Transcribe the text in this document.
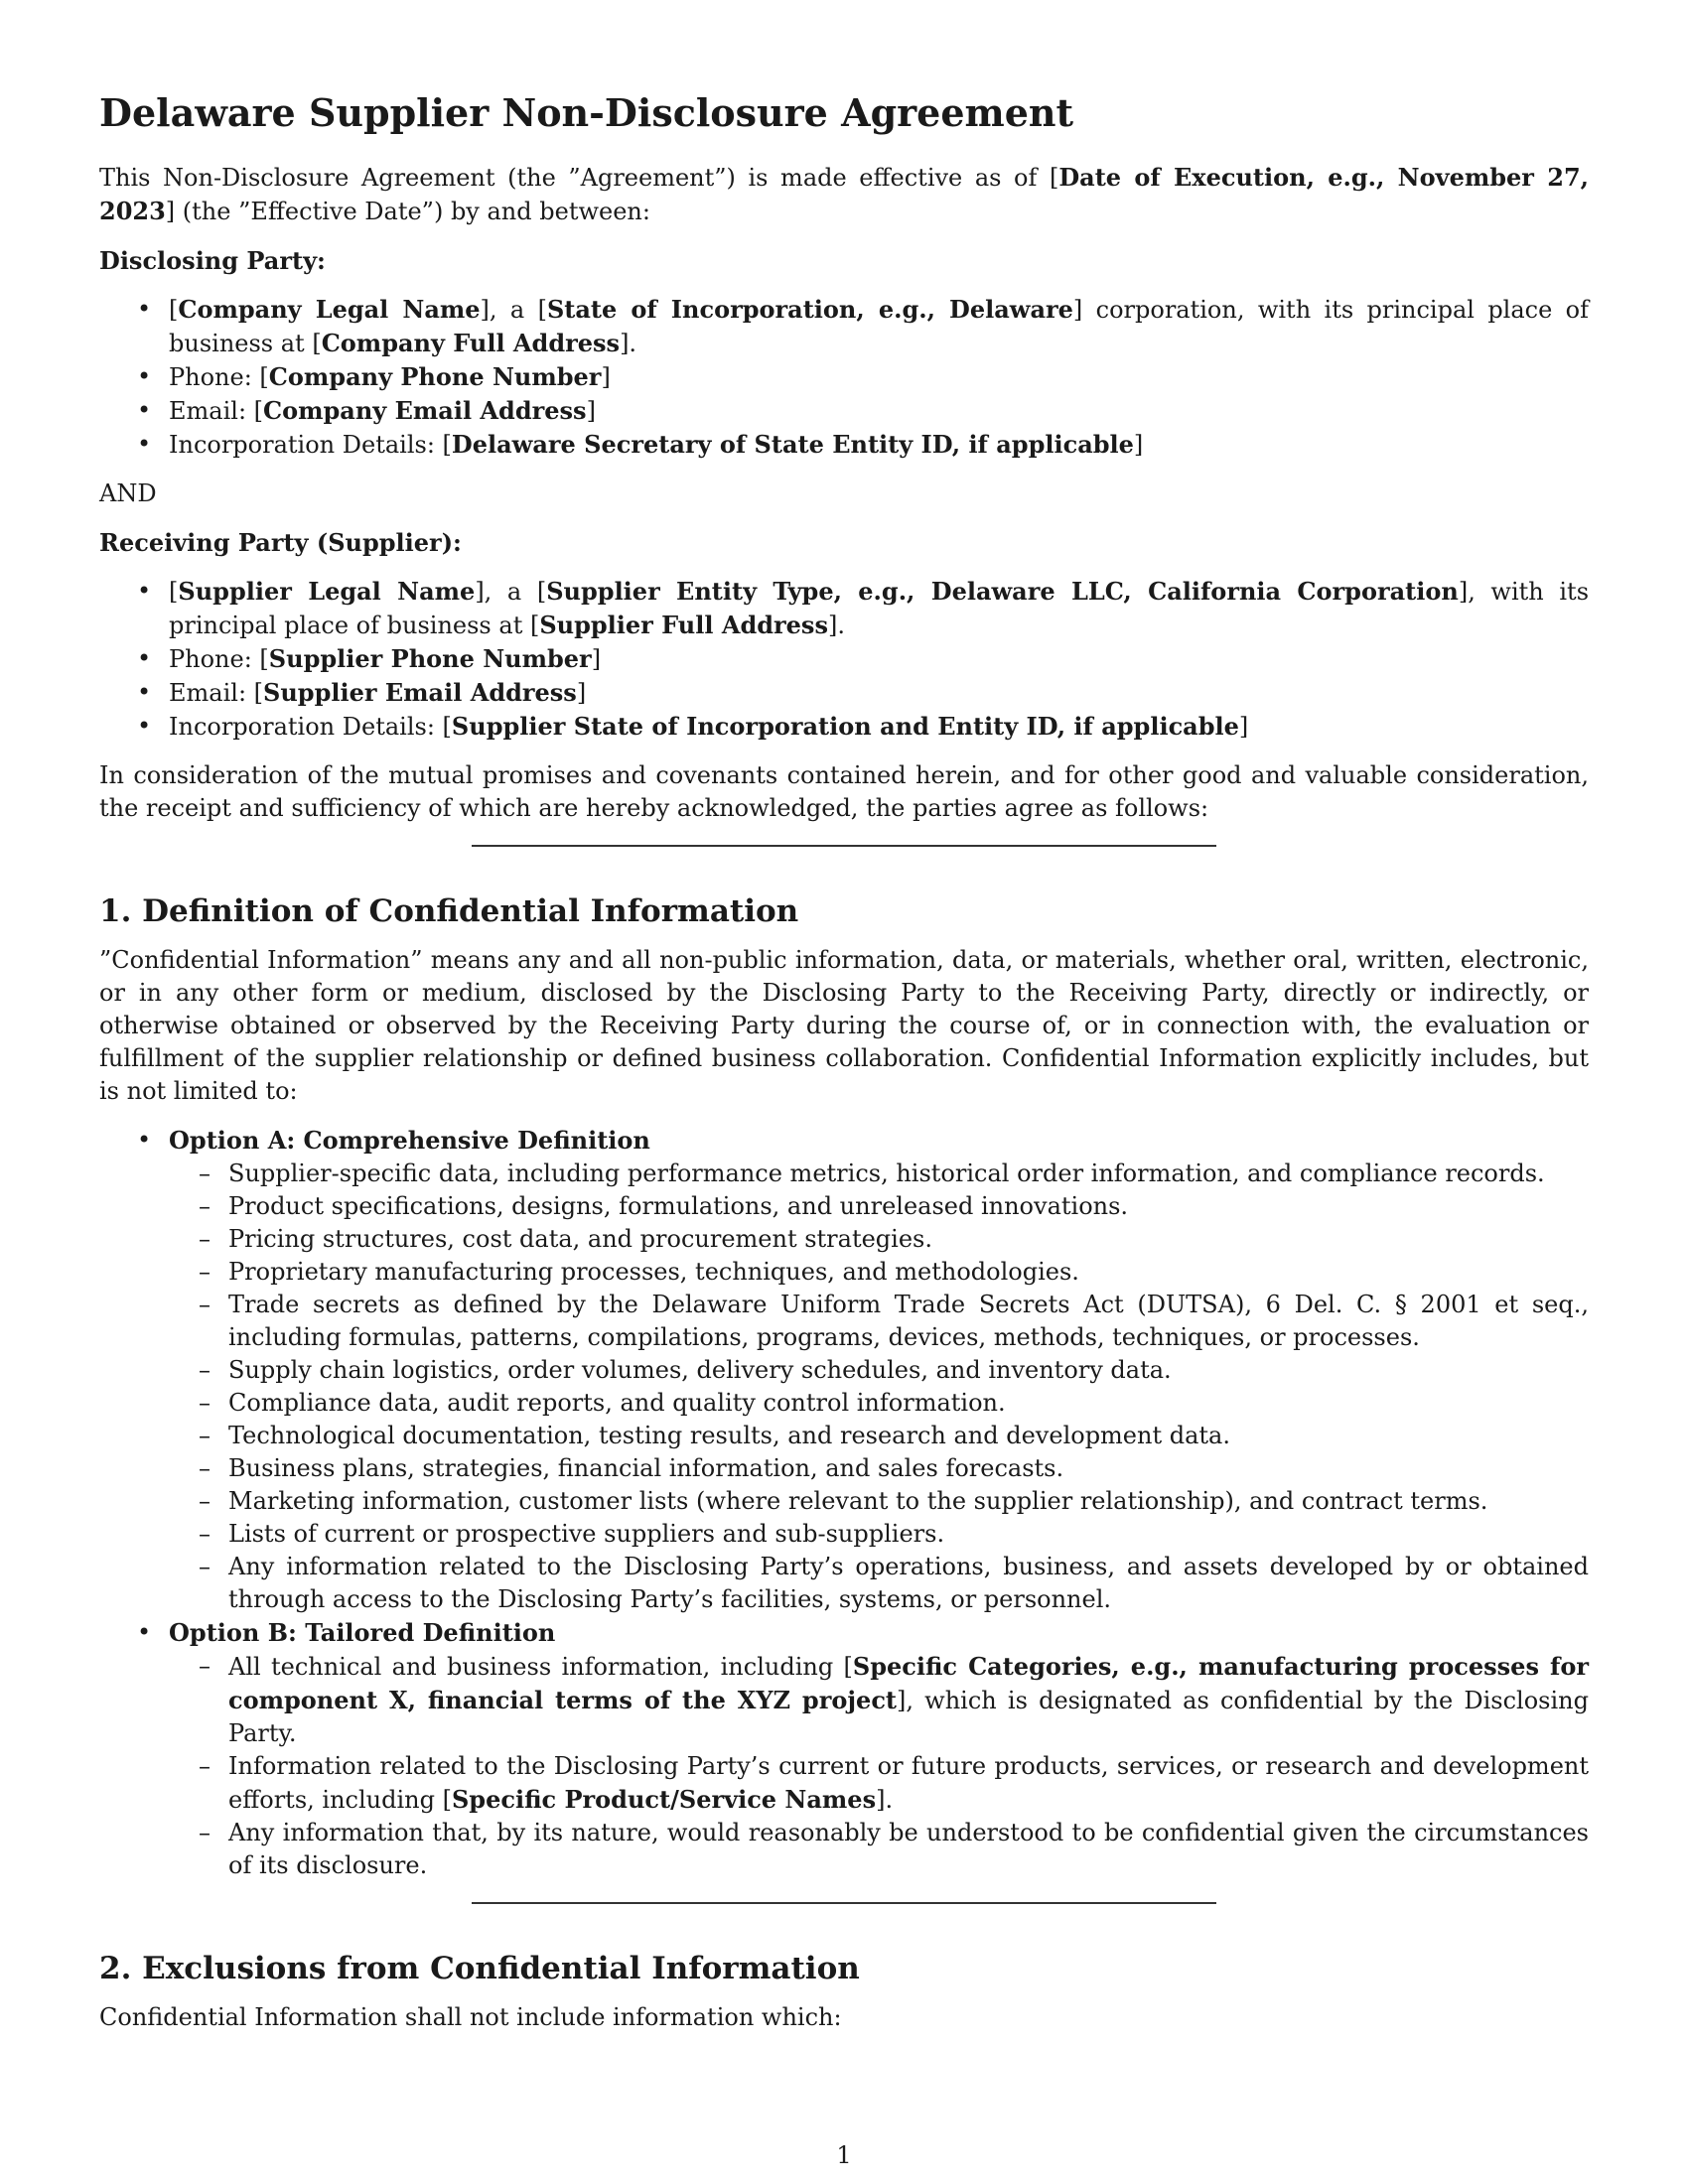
Delaware Supplier Non-Disclosure Agreement

This Non-Disclosure Agreement (the ”Agreement”) is made effective as of [Date of Execution, e.g., November 27, 2023] (the ”Effective Date”) by and between:

Disclosing Party:

• [Company Legal Name], a [State of Incorporation, e.g., Delaware] corporation, with its principal place of business at [Company Full Address].
• Phone: [Company Phone Number]
• Email: [Company Email Address]
• Incorporation Details: [Delaware Secretary of State Entity ID, if applicable]

AND

Receiving Party (Supplier):

• [Supplier Legal Name], a [Supplier Entity Type, e.g., Delaware LLC, California Corporation], with its principal place of business at [Supplier Full Address].
• Phone: [Supplier Phone Number]
• Email: [Supplier Email Address]
• Incorporation Details: [Supplier State of Incorporation and Entity ID, if applicable]

In consideration of the mutual promises and covenants contained herein, and for other good and valuable consideration, the receipt and sufficiency of which are hereby acknowledged, the parties agree as follows:

1. Definition of Confidential Information

”Confidential Information” means any and all non-public information, data, or materials, whether oral, written, electronic, or in any other form or medium, disclosed by the Disclosing Party to the Receiving Party, directly or indirectly, or otherwise obtained or observed by the Receiving Party during the course of, or in connection with, the evaluation or fulfillment of the supplier relationship or defined business collaboration. Confidential Information explicitly includes, but is not limited to:

• Option A: Comprehensive Definition
– Supplier-specific data, including performance metrics, historical order information, and compliance records.
– Product specifications, designs, formulations, and unreleased innovations.
– Pricing structures, cost data, and procurement strategies.
– Proprietary manufacturing processes, techniques, and methodologies.
– Trade secrets as defined by the Delaware Uniform Trade Secrets Act (DUTSA), 6 Del. C. § 2001 et seq., including formulas, patterns, compilations, programs, devices, methods, techniques, or processes.
– Supply chain logistics, order volumes, delivery schedules, and inventory data.
– Compliance data, audit reports, and quality control information.
– Technological documentation, testing results, and research and development data.
– Business plans, strategies, financial information, and sales forecasts.
– Marketing information, customer lists (where relevant to the supplier relationship), and contract terms.
– Lists of current or prospective suppliers and sub-suppliers.
– Any information related to the Disclosing Party’s operations, business, and assets developed by or obtained through access to the Disclosing Party’s facilities, systems, or personnel.
• Option B: Tailored Definition
– All technical and business information, including [Specific Categories, e.g., manufacturing processes for component X, financial terms of the XYZ project], which is designated as confidential by the Disclosing Party.
– Information related to the Disclosing Party’s current or future products, services, or research and development efforts, including [Specific Product/Service Names].
– Any information that, by its nature, would reasonably be understood to be confidential given the circumstances of its disclosure.
2. Exclusions from Confidential Information

Confidential Information shall not include information which:

1
